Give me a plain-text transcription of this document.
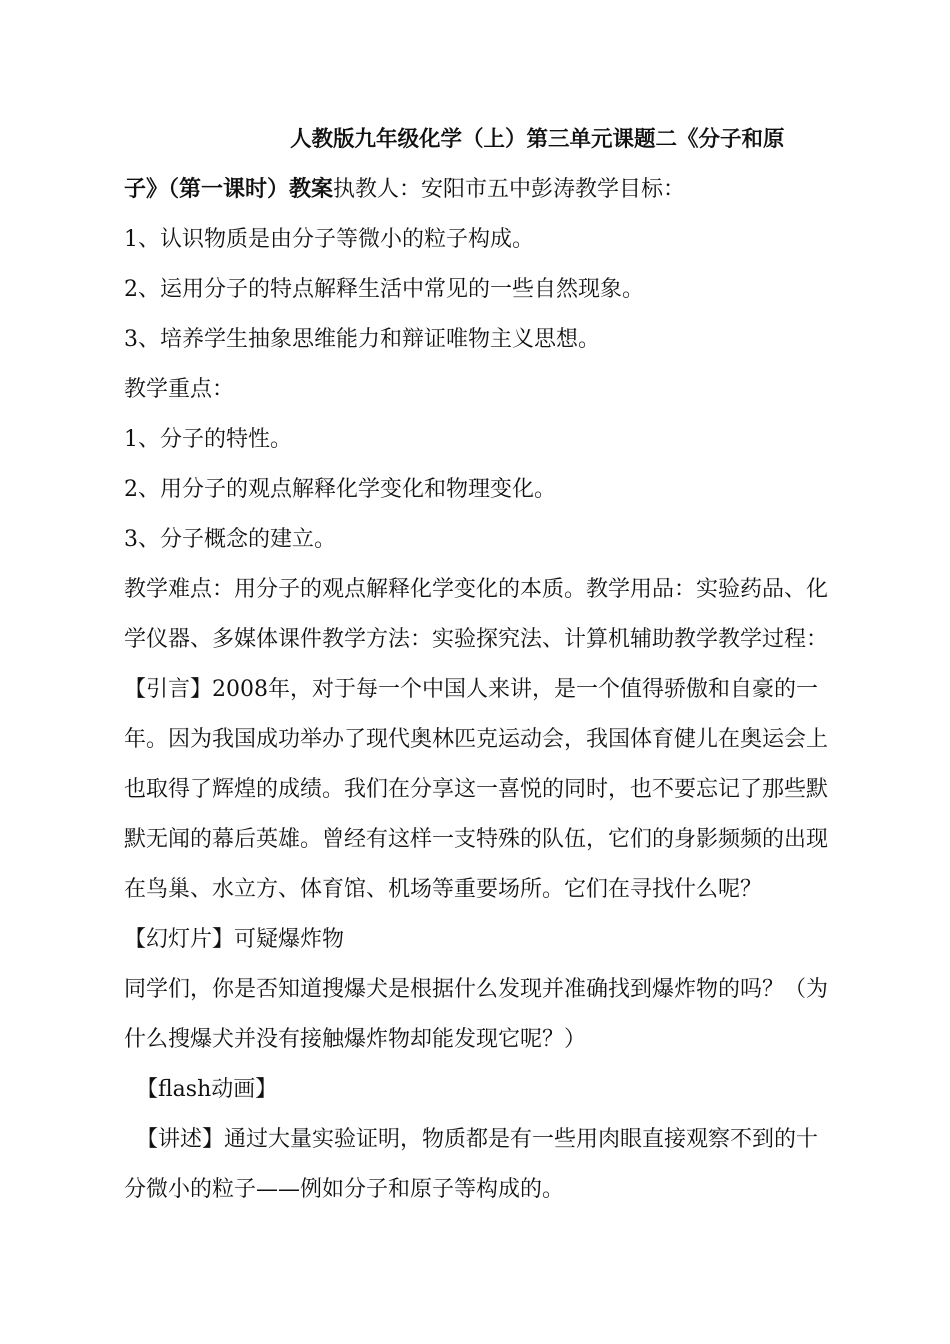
人教版九年级化学（上）第三单元课题二《分子和原
子》（第一课时）教案执教人：安阳市五中彭涛教学目标：
1、认识物质是由分子等微小的粒子构成。
2、运用分子的特点解释生活中常见的一些自然现象。
3、培养学生抽象思维能力和辩证唯物主义思想。
教学重点：
1、分子的特性。
2、用分子的观点解释化学变化和物理变化。
3、分子概念的建立。
教学难点：用分子的观点解释化学变化的本质。教学用品：实验药品、化
学仪器、多媒体课件教学方法：实验探究法、计算机辅助教学教学过程：
【引言】2008年，对于每一个中国人来讲，是一个值得骄傲和自豪的一
年。因为我国成功举办了现代奥林匹克运动会，我国体育健儿在奥运会上
也取得了辉煌的成绩。我们在分享这一喜悦的同时，也不要忘记了那些默
默无闻的幕后英雄。曾经有这样一支特殊的队伍，它们的身影频频的出现
在鸟巢、水立方、体育馆、机场等重要场所。它们在寻找什么呢？
【幻灯片】可疑爆炸物
同学们，你是否知道搜爆犬是根据什么发现并准确找到爆炸物的吗？（为
什么搜爆犬并没有接触爆炸物却能发现它呢？）
【flash动画】
【讲述】通过大量实验证明，物质都是有一些用肉眼直接观察不到的十
分微小的粒子——例如分子和原子等构成的。
